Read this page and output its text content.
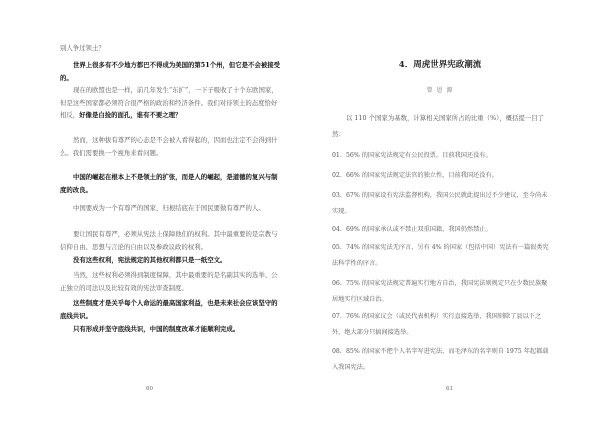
别人争过领土？
世界上很多有不少地方都巴不得成为美国的第51个州，但它是不会被接受的。
现在的欧盟也是一样，前几年发生“东扩”，一下子吸收了十个东欧国家，但是这些国家都必须符合很严格的政治和经济条件。我们对待领土的态度恰好相反，好像是白捡的面孔，谁有不要之理？
然而，这种拔有尊严的心态是不会被人看得起的，因而也注定不会得到什么。我们需要换一个视角来看问题。
中国的崛起在根本上不是领土的扩张，而是人的崛起，是道德的复兴与制度的改良。
中国要成为一个有尊严的国家，归根结底在于国民要做有尊严的人。
要让国民有尊严，必须从宪法上保障他们的权利。其中最重要的是宗教与信仰自由、思想与言论的自由以及参政议政的权利。
没有这些权利，宪法规定的其他权利都只是一纸空文。
当然，这些权利必须得到制度保障，其中最重要的是名副其实的选举、公正独立的司法以及比较有效的宪法审查制度。
这些制度才是关乎每个人命运的最高国家利益，也是未来社会应该坚守的底线共识。
只有形成并坚守底线共识，中国的制度改革才能顺利完成。
60
4．周虎世界宪政潮流
曾 恩 源
以 110 个国家为基数，计算相关国家所占的比重（%），概括提一目了然：
01. 56% 的国家宪法规定有公民投票，目前我国还没有。
02. 66% 的国家宪法规定法官的独立性，目前我国还没有。
03. 67% 的国家设有宪法监督机构，我国公民就此提出过不少建议，至今尚未实现。
04. 69% 的国家承认或不禁止双重国籍，我国仍然禁止。
05. 74% 的国家宪法无序言，另有 4% 的国家（包括中国）宪法有一篇很类宪法科学性的序言。
06. 75% 的国家宪法规定普遍实行地方自治，我国宪法则规定只在少数民族聚居地实行区域自治。
07. 76% 的国家议会（或民代表机构）实行直接选举，我国则除了县以下之外，绝大部分只搞间接选举。
08. 85% 的国家不把个人名字写进宪法，而毛泽东的名字则自 1975 年起都载入我国宪法。
61
